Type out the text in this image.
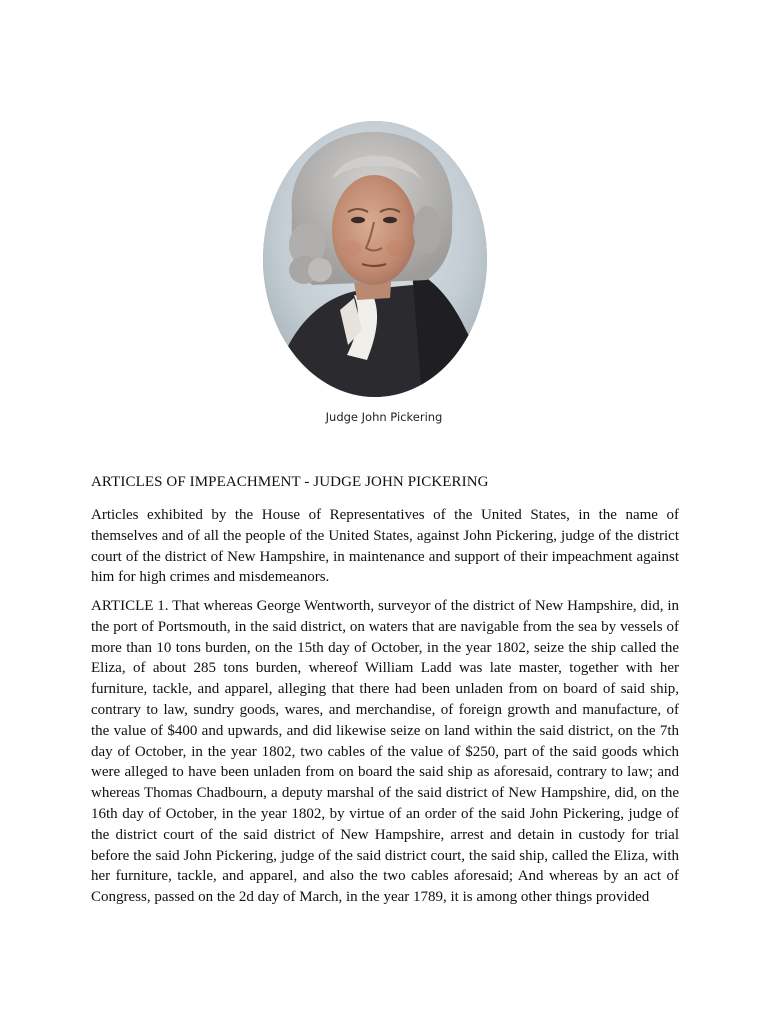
Judge John Pickering

ARTICLES OF IMPEACHMENT - JUDGE JOHN PICKERING

Articles exhibited by the House of Representatives of the United States, in the name of themselves and of all the people of the United States, against John Pickering, judge of the district court of the district of New Hampshire, in maintenance and support of their impeachment against him for high crimes and misdemeanors.

ARTICLE 1. That whereas George Wentworth, surveyor of the district of New Hampshire, did, in the port of Portsmouth, in the said district, on waters that are navigable from the sea by vessels of more than 10 tons burden, on the 15th day of October, in the year 1802, seize the ship called the Eliza, of about 285 tons burden, whereof William Ladd was late master, together with her furniture, tackle, and apparel, alleging that there had been unladen from on board of said ship, contrary to law, sundry goods, wares, and merchandise, of foreign growth and manufacture, of the value of $400 and upwards, and did likewise seize on land within the said district, on the 7th day of October, in the year 1802, two cables of the value of $250, part of the said goods which were alleged to have been unladen from on board the said ship as aforesaid, contrary to law; and whereas Thomas Chadbourn, a deputy marshal of the said district of New Hampshire, did, on the 16th day of October, in the year 1802, by virtue of an order of the said John Pickering, judge of the district court of the said district of New Hampshire, arrest and detain in custody for trial before the said John Pickering, judge of the said district court, the said ship, called the Eliza, with her furniture, tackle, and apparel, and also the two cables aforesaid; And whereas by an act of Congress, passed on the 2d day of March, in the year 1789, it is among other things provided
